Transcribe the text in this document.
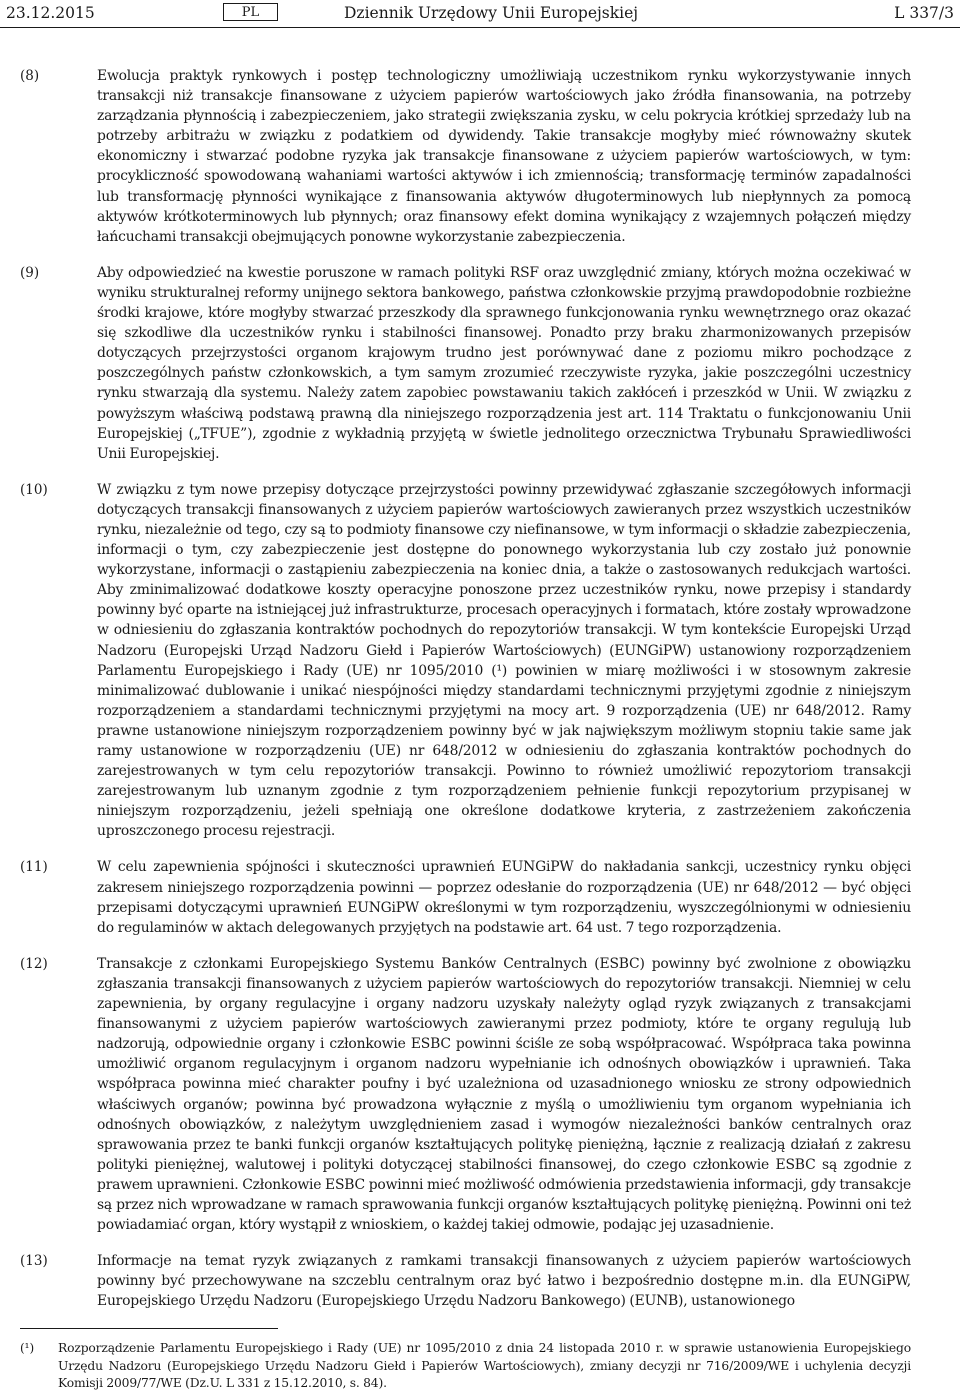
23.12.2015	PL	Dziennik Urzędowy Unii Europejskiej	L 337/3
(8)	Ewolucja praktyk rynkowych i postęp technologiczny umożliwiają uczestnikom rynku wykorzystywanie innych transakcji niż transakcje finansowane z użyciem papierów wartościowych jako źródła finansowania, na potrzeby zarządzania płynnością i zabezpieczeniem, jako strategii zwiększania zysku, w celu pokrycia krótkiej sprzedaży lub na potrzeby arbitrażu w związku z podatkiem od dywidendy. Takie transakcje mogłyby mieć równoważny skutek ekonomiczny i stwarzać podobne ryzyka jak transakcje finansowane z użyciem papierów wartościowych, w tym: procykliczność spowodowaną wahaniami wartości aktywów i ich zmiennością; transformację terminów zapadalności lub transformację płynności wynikające z finansowania aktywów długoterminowych lub niepłynnych za pomocą aktywów krótkoterminowych lub płynnych; oraz finansowy efekt domina wynikający z wzajemnych połączeń między łańcuchami transakcji obejmujących ponowne wykorzystanie zabezpieczenia.
(9)	Aby odpowiedzieć na kwestie poruszone w ramach polityki RSF oraz uwzględnić zmiany, których można oczekiwać w wyniku strukturalnej reformy unijnego sektora bankowego, państwa członkowskie przyjmą prawdopodobnie rozbieżne środki krajowe, które mogłyby stwarzać przeszkody dla sprawnego funkcjonowania rynku wewnętrznego oraz okazać się szkodliwe dla uczestników rynku i stabilności finansowej. Ponadto przy braku zharmonizowanych przepisów dotyczących przejrzystości organom krajowym trudno jest porównywać dane z poziomu mikro pochodzące z poszczególnych państw członkowskich, a tym samym zrozumieć rzeczywiste ryzyka, jakie poszczególni uczestnicy rynku stwarzają dla systemu. Należy zatem zapobiec powstawaniu takich zakłóceń i przeszkód w Unii. W związku z powyższym właściwą podstawą prawną dla niniejszego rozporządzenia jest art. 114 Traktatu o funkcjonowaniu Unii Europejskiej („TFUE”), zgodnie z wykładnią przyjętą w świetle jednolitego orzecznictwa Trybunału Sprawiedliwości Unii Europejskiej.
(10)	W związku z tym nowe przepisy dotyczące przejrzystości powinny przewidywać zgłaszanie szczegółowych informacji dotyczących transakcji finansowanych z użyciem papierów wartościowych zawieranych przez wszystkich uczestników rynku, niezależnie od tego, czy są to podmioty finansowe czy niefinansowe, w tym informacji o składzie zabezpieczenia, informacji o tym, czy zabezpieczenie jest dostępne do ponownego wykorzystania lub czy zostało już ponownie wykorzystane, informacji o zastąpieniu zabezpieczenia na koniec dnia, a także o zastosowanych redukcjach wartości. Aby zminimalizować dodatkowe koszty operacyjne ponoszone przez uczestników rynku, nowe przepisy i standardy powinny być oparte na istniejącej już infrastrukturze, procesach operacyjnych i formatach, które zostały wprowadzone w odniesieniu do zgłaszania kontraktów pochodnych do repozytoriów transakcji. W tym kontekście Europejski Urząd Nadzoru (Europejski Urząd Nadzoru Giełd i Papierów Wartościowych) (EUNGiPW) ustanowiony rozporządzeniem Parlamentu Europejskiego i Rady (UE) nr 1095/2010 (¹) powinien w miarę możliwości i w stosownym zakresie minimalizować dublowanie i unikać niespójności między standardami technicznymi przyjętymi zgodnie z niniejszym rozporządzeniem a standardami technicznymi przyjętymi na mocy art. 9 rozporządzenia (UE) nr 648/2012. Ramy prawne ustanowione niniejszym rozporządzeniem powinny być w jak największym możliwym stopniu takie same jak ramy ustanowione w rozporządzeniu (UE) nr 648/2012 w odniesieniu do zgłaszania kontraktów pochodnych do zarejestrowanych w tym celu repozytoriów transakcji. Powinno to również umożliwić repozytoriom transakcji zarejestrowanym lub uznanym zgodnie z tym rozporządzeniem pełnienie funkcji repozytorium przypisanej w niniejszym rozporządzeniu, jeżeli spełniają one określone dodatkowe kryteria, z zastrzeżeniem zakończenia uproszczonego procesu rejestracji.
(11)	W celu zapewnienia spójności i skuteczności uprawnień EUNGiPW do nakładania sankcji, uczestnicy rynku objęci zakresem niniejszego rozporządzenia powinni — poprzez odesłanie do rozporządzenia (UE) nr 648/2012 — być objęci przepisami dotyczącymi uprawnień EUNGiPW określonymi w tym rozporządzeniu, wyszczególnionymi w odniesieniu do regulaminów w aktach delegowanych przyjętych na podstawie art. 64 ust. 7 tego rozporządzenia.
(12)	Transakcje z członkami Europejskiego Systemu Banków Centralnych (ESBC) powinny być zwolnione z obowiązku zgłaszania transakcji finansowanych z użyciem papierów wartościowych do repozytoriów transakcji. Niemniej w celu zapewnienia, by organy regulacyjne i organy nadzoru uzyskały należyty ogląd ryzyk związanych z transakcjami finansowanymi z użyciem papierów wartościowych zawieranymi przez podmioty, które te organy regulują lub nadzorują, odpowiednie organy i członkowie ESBC powinni ściśle ze sobą współpracować. Współpraca taka powinna umożliwić organom regulacyjnym i organom nadzoru wypełnianie ich odnośnych obowiązków i uprawnień. Taka współpraca powinna mieć charakter poufny i być uzależniona od uzasadnionego wniosku ze strony odpowiednich właściwych organów; powinna być prowadzona wyłącznie z myślą o umożliwieniu tym organom wypełniania ich odnośnych obowiązków, z należytym uwzględnieniem zasad i wymogów niezależności banków centralnych oraz sprawowania przez te banki funkcji organów kształtujących politykę pieniężną, łącznie z realizacją działań z zakresu polityki pieniężnej, walutowej i polityki dotyczącej stabilności finansowej, do czego członkowie ESBC są zgodnie z prawem uprawnieni. Członkowie ESBC powinni mieć możliwość odmówienia przedstawienia informacji, gdy transakcje są przez nich wprowadzane w ramach sprawowania funkcji organów kształtujących politykę pieniężną. Powinni oni też powiadamiać organ, który wystąpił z wnioskiem, o każdej takiej odmowie, podając jej uzasadnienie.
(13)	Informacje na temat ryzyk związanych z ramkami transakcji finansowanych z użyciem papierów wartościowych powinny być przechowywane na szczeblu centralnym oraz być łatwo i bezpośrednio dostępne m.in. dla EUNGiPW, Europejskiego Urzędu Nadzoru (Europejskiego Urzędu Nadzoru Bankowego) (EUNB), ustanowionego
(¹) Rozporządzenie Parlamentu Europejskiego i Rady (UE) nr 1095/2010 z dnia 24 listopada 2010 r. w sprawie ustanowienia Europejskiego Urzędu Nadzoru (Europejskiego Urzędu Nadzoru Giełd i Papierów Wartościowych), zmiany decyzji nr 716/2009/WE i uchylenia decyzji Komisji 2009/77/WE (Dz.U. L 331 z 15.12.2010, s. 84).
